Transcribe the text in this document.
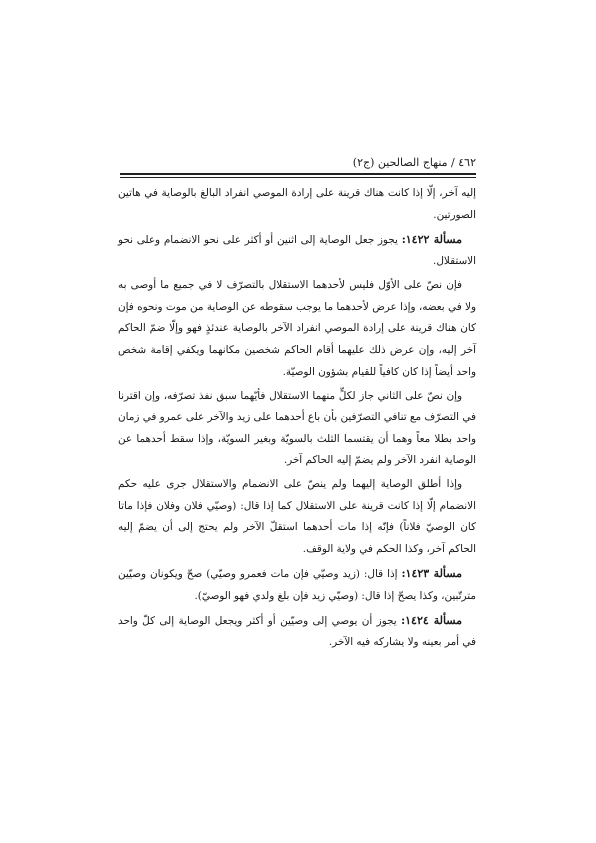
٤٦٢ / منهاج الصالحين (ج٢)

إليه آخر، إلّا إذا كانت هناك قرينة على إرادة الموصي انفراد البالغ بالوصاية في هاتين الصورتين.

مسألة ١٤٢٢: يجوز جعل الوصاية إلى اثنين أو أكثر على نحو الانضمام وعلى نحو الاستقلال.

فإن نصّ على الأوّل فليس لأحدهما الاستقلال بالتصرّف لا في جميع ما أوصى به ولا في بعضه، وإذا عرض لأحدهما ما يوجب سقوطه عن الوصاية من موت ونحوه فإن كان هناك قرينة على إرادة الموصي انفراد الآخر بالوصاية عندئذٍ فهو وإلّا ضمّ الحاكم آخر إليه، وإن عرض ذلك عليهما أقام الحاكم شخصين مكانهما ويكفي إقامة شخص واحد أيضاً إذا كان كافياً للقيام بشؤون الوصيّة.

وإن نصّ على الثاني جاز لكلٍّ منهما الاستقلال فأيّهما سبق نفذ تصرّفه، وإن اقترنا في التصرّف مع تنافي التصرّفين بأن باع أحدهما على زيد والآخر على عمرو في زمان واحد بطلا معاً وهما أن يقتسما الثلث بالسويّة وبغير السويّة، وإذا سقط أحدهما عن الوصاية انفرد الآخر ولم يضمّ إليه الحاكم آخر.

وإذا أطلق الوصاية إليهما ولم ينصّ على الانضمام والاستقلال جرى عليه حكم الانضمام إلّا إذا كانت قرينة على الاستقلال كما إذا قال: (وصيّي فلان وفلان فإذا ماتا كان الوصيّ فلاناً) فإنّه إذا مات أحدهما استقلّ الآخر ولم يحتج إلى أن يضمّ إليه الحاكم آخر، وكذا الحكم في ولاية الوقف.

مسألة ١٤٢٣: إذا قال: (زيد وصيّي فإن مات فعمرو وصيّي) صحّ ويكونان وصيّين مترتّبين، وكذا يصحّ إذا قال: (وصيّي زيد فإن بلغ ولدي فهو الوصيّ).

مسألة ١٤٢٤: يجوز أن يوصي إلى وصيّين أو أكثر ويجعل الوصاية إلى كلّ واحد في أمر بعينه ولا يشاركه فيه الآخر.
